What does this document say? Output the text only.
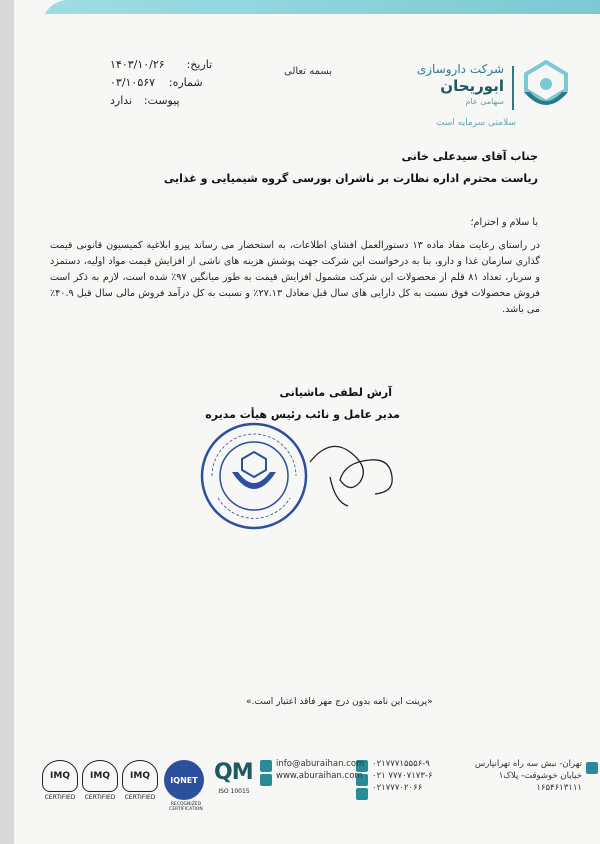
شرکت داروسازی
ابوریحان
سهامی عام
سلامتی سرمایه است
بسمه تعالی
تاریخ: ۱۴۰۳/۱۰/۲۶
شماره: ۰۳/۱۰۵۶۷
پیوست: ندارد
جناب آقای سیدعلی خانی
ریاست محترم اداره نظارت بر ناشران بورسی گروه شیمیایی و غذایی
با سلام و احترام؛
در راستای رعایت مفاد ماده ۱۳ دستورالعمل افشای اطلاعات، به استحضار می رساند پیرو ابلاغیه کمیسیون قانونی قیمت گذاری سازمان غذا و دارو، بنا به درخواست این شرکت جهت پوشش هزینه های ناشی از افزایش قیمت مواد اولیه، دستمزد و سربار، تعداد ۸۱ قلم از محصولات این شرکت مشمول افزایش قیمت به طور میانگین ۹۷٪ شده است، لازم به ذکر است فروش محصولات فوق نسبت به کل دارایی های سال قبل معادل ۲۷.۱۳٪ و نسبت به کل درآمد فروش مالی سال قبل ۴۰.۹٪ می باشد.
آرش لطفی ماشیانی
مدیر عامل و نائب رئیس هیأت مدیره
«پرینت این نامه بدون درج مهر فاقد اعتبار است.»
تهران- نبش سه راه تهرانپارس
خیابان خوشوقت- پلاک۱
۱۶۵۴۶۱۳۱۱۱
۰۲۱۷۷۷۱۵۵۵۶-۹
۰۲۱ ۷۷۷۰۷۱۷۳-۶
۰۲۱۷۷۷۰۲۰۶۶
info@aburaihan.com
www.aburaihan.com
QM
ISO 10015
IQNET
RECOGNIZED CERTIFICATION
IMQ
CERTIFIED
IMQ
CERTIFIED
IMQ
CERTIFIED
